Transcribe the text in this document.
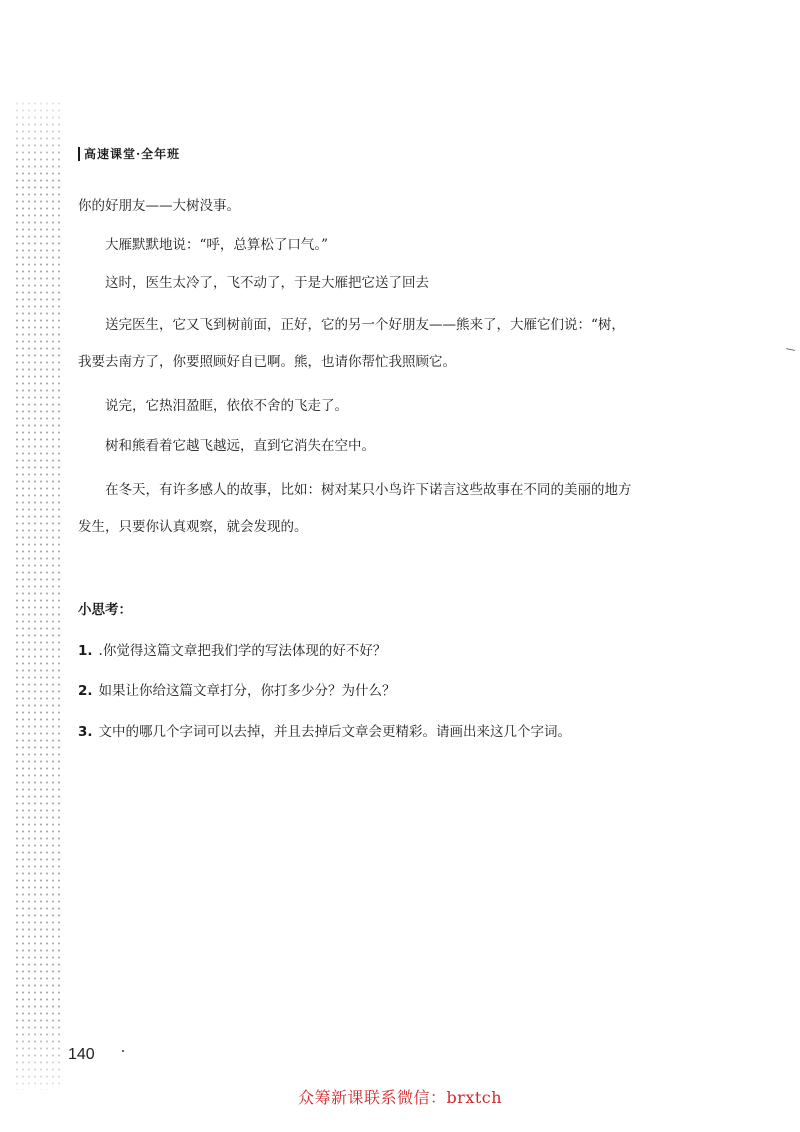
高速课堂·全年班
你的好朋友——大树没事。
大雁默默地说：“呼，总算松了口气。”
这时，医生太冷了，飞不动了，于是大雁把它送了回去
送完医生，它又飞到树前面，正好，它的另一个好朋友——熊来了，大雁它们说：“树，我要去南方了，你要照顾好自已啊。熊，也请你帮忙我照顾它。
说完，它热泪盈眶，依依不舍的飞走了。
树和熊看着它越飞越远，直到它消失在空中。
在冬天，有许多感人的故事，比如：树对某只小鸟许下诺言这些故事在不同的美丽的地方发生，只要你认真观察，就会发现的。
小思考：
1. .你觉得这篇文章把我们学的写法体现的好不好？
2. 如果让你给这篇文章打分，你打多少分？为什么？
3. 文中的哪几个字词可以去掉，并且去掉后文章会更精彩。请画出来这几个字词。
140
众筹新课联系微信：brxtch
